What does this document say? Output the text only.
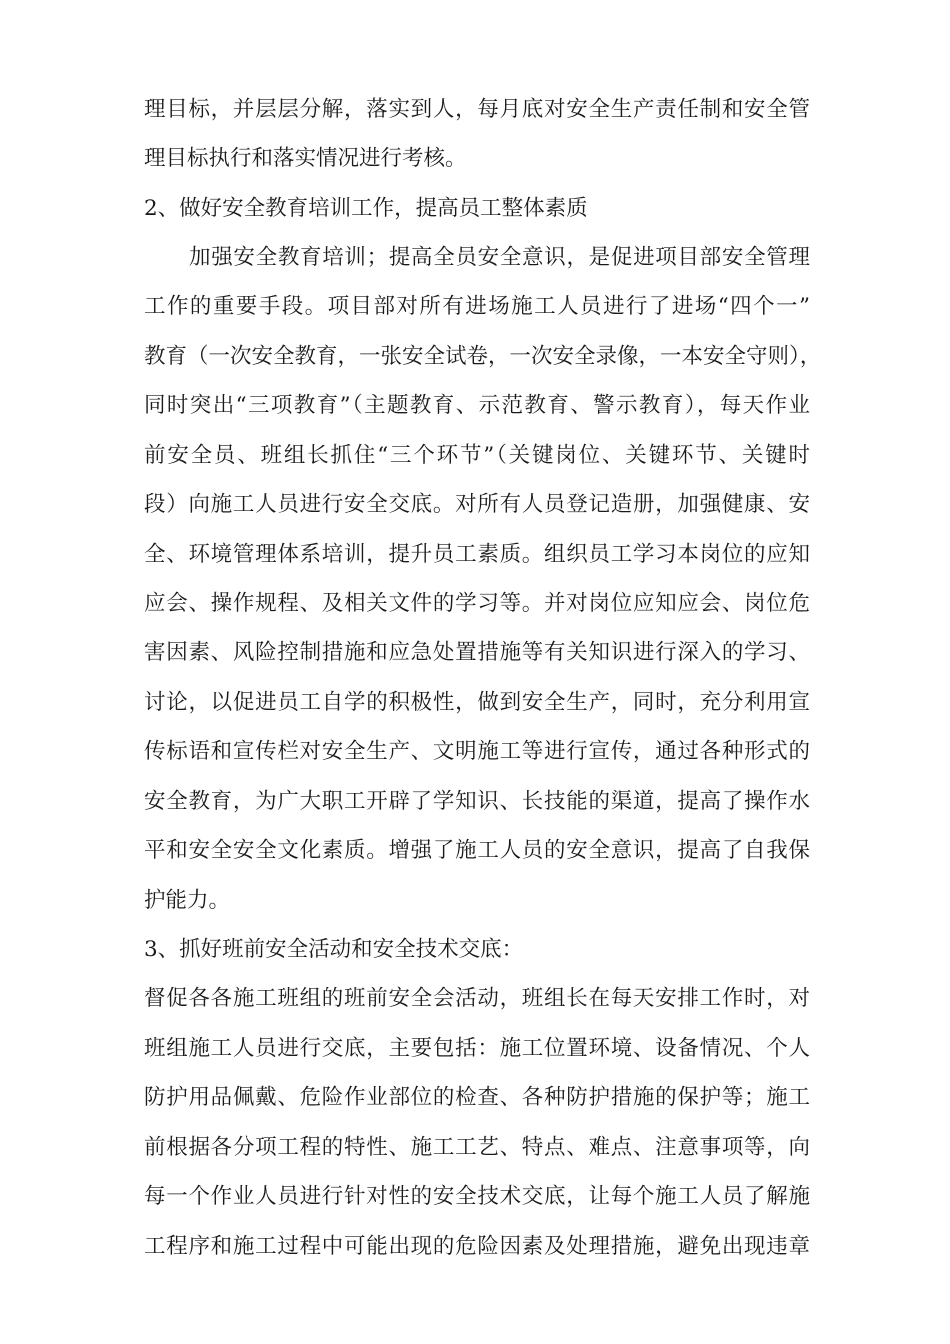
理目标，并层层分解，落实到人，每月底对安全生产责任制和安全管
理目标执行和落实情况进行考核。
2、做好安全教育培训工作，提高员工整体素质
加强安全教育培训；提高全员安全意识，是促进项目部安全管理
工作的重要手段。项目部对所有进场施工人员进行了进场“四个一”
教育（一次安全教育，一张安全试卷，一次安全录像，一本安全守则），
同时突出“三项教育”（主题教育、示范教育、警示教育），每天作业
前安全员、班组长抓住“三个环节”（关键岗位、关键环节、关键时
段）向施工人员进行安全交底。对所有人员登记造册，加强健康、安
全、环境管理体系培训，提升员工素质。组织员工学习本岗位的应知
应会、操作规程、及相关文件的学习等。并对岗位应知应会、岗位危
害因素、风险控制措施和应急处置措施等有关知识进行深入的学习、
讨论，以促进员工自学的积极性，做到安全生产，同时，充分利用宣
传标语和宣传栏对安全生产、文明施工等进行宣传，通过各种形式的
安全教育，为广大职工开辟了学知识、长技能的渠道，提高了操作水
平和安全安全文化素质。增强了施工人员的安全意识，提高了自我保
护能力。
3、抓好班前安全活动和安全技术交底：
督促各各施工班组的班前安全会活动，班组长在每天安排工作时，对
班组施工人员进行交底，主要包括：施工位置环境、设备情况、个人
防护用品佩戴、危险作业部位的检查、各种防护措施的保护等；施工
前根据各分项工程的特性、施工工艺、特点、难点、注意事项等，向
每一个作业人员进行针对性的安全技术交底，让每个施工人员了解施
工程序和施工过程中可能出现的危险因素及处理措施，避免出现违章
